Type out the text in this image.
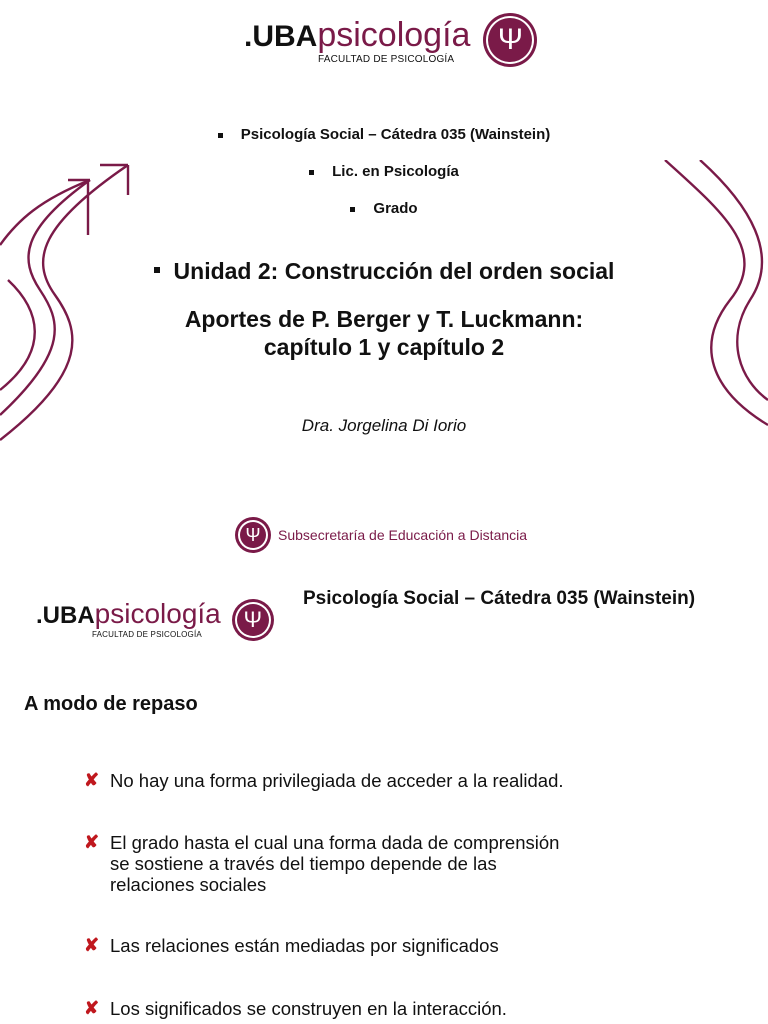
.UBApsicología
FACULTAD DE PSICOLOGÍA
Ψ
Psicología Social – Cátedra 035 (Wainstein)
Lic. en Psicología
Grado
Unidad 2: Construcción del orden social
Aportes de P. Berger y T. Luckmann:
capítulo 1 y capítulo 2
Dra. Jorgelina Di Iorio
Ψ	Subsecretaría de Educación a Distancia
.UBApsicología
FACULTAD DE PSICOLOGÍA
Ψ
Psicología Social – Cátedra 035 (Wainstein)
A modo de repaso
✘ No hay una forma privilegiada de acceder a la realidad.
✘ El grado hasta el cual una forma dada de comprensión
se sostiene a través del tiempo depende de las
relaciones sociales
✘ Las relaciones están mediadas por significados
✘ Los significados se construyen en la interacción.
